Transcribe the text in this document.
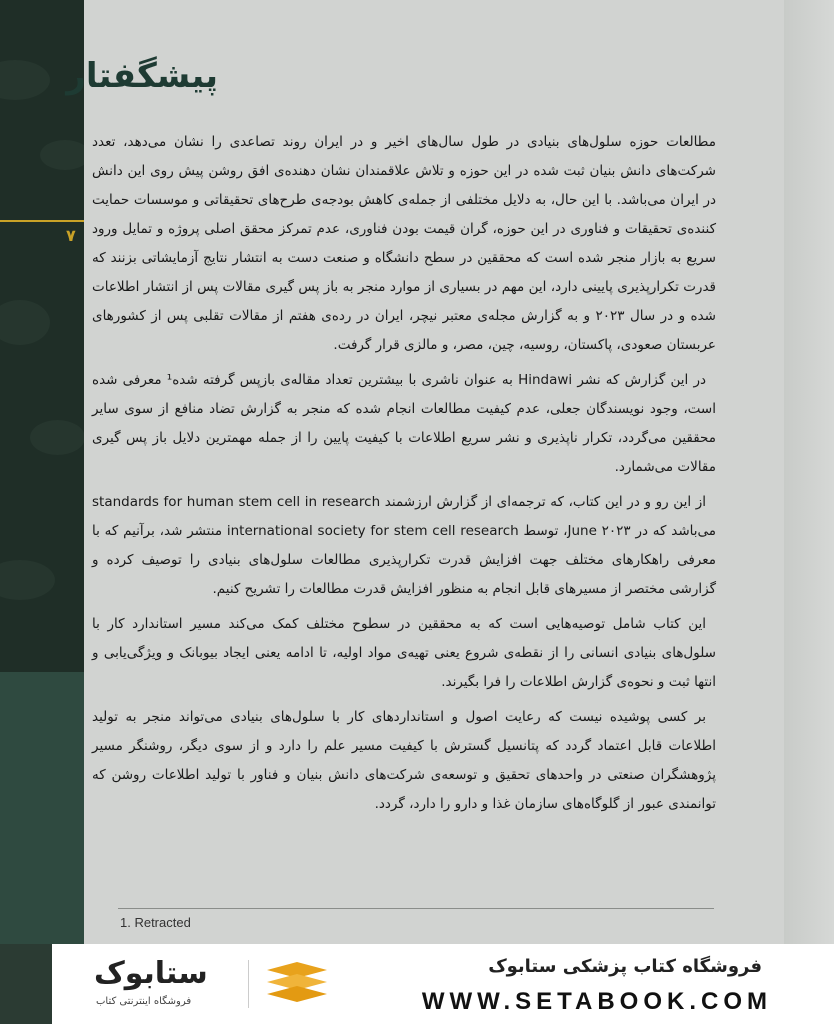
۷
پیشگفتار

مطالعات حوزه سلول‌های بنیادی در طول سال‌های اخیر و در ایران روند تصاعدی را نشان می‌دهد، تعدد شرکت‌های دانش بنیان ثبت شده در این حوزه و تلاش علاقمندان نشان دهنده‌ی افق روشن پیش روی این دانش در ایران می‌باشد. با این حال، به دلایل مختلفی از جمله‌ی کاهش بودجه‌ی طرح‌های تحقیقاتی و موسسات حمایت کننده‌ی تحقیقات و فناوری در این حوزه، گران قیمت بودن فناوری، عدم تمرکز محقق اصلی پروژه و تمایل ورود سریع به بازار منجر شده است که محققین در سطح دانشگاه و صنعت دست به انتشار نتایج آزمایشاتی بزنند که قدرت تکرارپذیری پایینی دارد، این مهم در بسیاری از موارد منجر به باز پس گیری مقالات پس از انتشار اطلاعات شده و در سال ۲۰۲۳ و به گزارش مجله‌ی معتبر نیچر، ایران در رده‌ی هفتم از مقالات تقلبی پس از کشورهای عربستان صعودی، پاکستان، روسیه، چین، مصر، و مالزی قرار گرفت.

در این گزارش که نشر Hindawi به عنوان ناشری با بیشترین تعداد مقاله‌ی بازپس گرفته شده¹ معرفی شده است، وجود نویسندگان جعلی، عدم کیفیت مطالعات انجام شده که منجر به گزارش تضاد منافع از سوی سایر محققین می‌گردد، تکرار ناپذیری و نشر سریع اطلاعات با کیفیت پایین را از جمله مهمترین دلایل باز پس گیری مقالات می‌شمارد.

از این رو و در این کتاب، که ترجمه‌ای از گزارش ارزشمند standards for human stem cell in research می‌باشد که در June ۲۰۲۳، توسط international society for stem cell research منتشر شد، برآنیم که با معرفی راهکارهای مختلف جهت افزایش قدرت تکرارپذیری مطالعات سلول‌های بنیادی را توصیف کرده و گزارشی مختصر از مسیرهای قابل انجام به منظور افزایش قدرت مطالعات را تشریح کنیم.

این کتاب شامل توصیه‌هایی است که به محققین در سطوح مختلف کمک می‌کند مسیر استاندارد کار با سلول‌های بنیادی انسانی را از نقطه‌ی شروع یعنی تهیه‌ی مواد اولیه، تا ادامه یعنی ایجاد بیوبانک و ویژگی‌یابی و انتها ثبت و نحوه‌ی گزارش اطلاعات را فرا بگیرند.

بر کسی پوشیده نیست که رعایت اصول و استانداردهای کار با سلول‌های بنیادی می‌تواند منجر به تولید اطلاعات قابل اعتماد گردد که پتانسیل گسترش با کیفیت مسیر علم را دارد و از سوی دیگر، روشنگر مسیر پژوهشگران صنعتی در واحدهای تحقیق و توسعه‌ی شرکت‌های دانش بنیان و فناور با تولید اطلاعات روشن که توانمندی عبور از گلوگاه‌های سازمان غذا و دارو را دارد، گردد.

1. Retracted
ستابوک
فروشگاه اینترنتی کتاب
فروشگاه کتاب پزشکی ستابوک
WWW.SETABOOK.COM
